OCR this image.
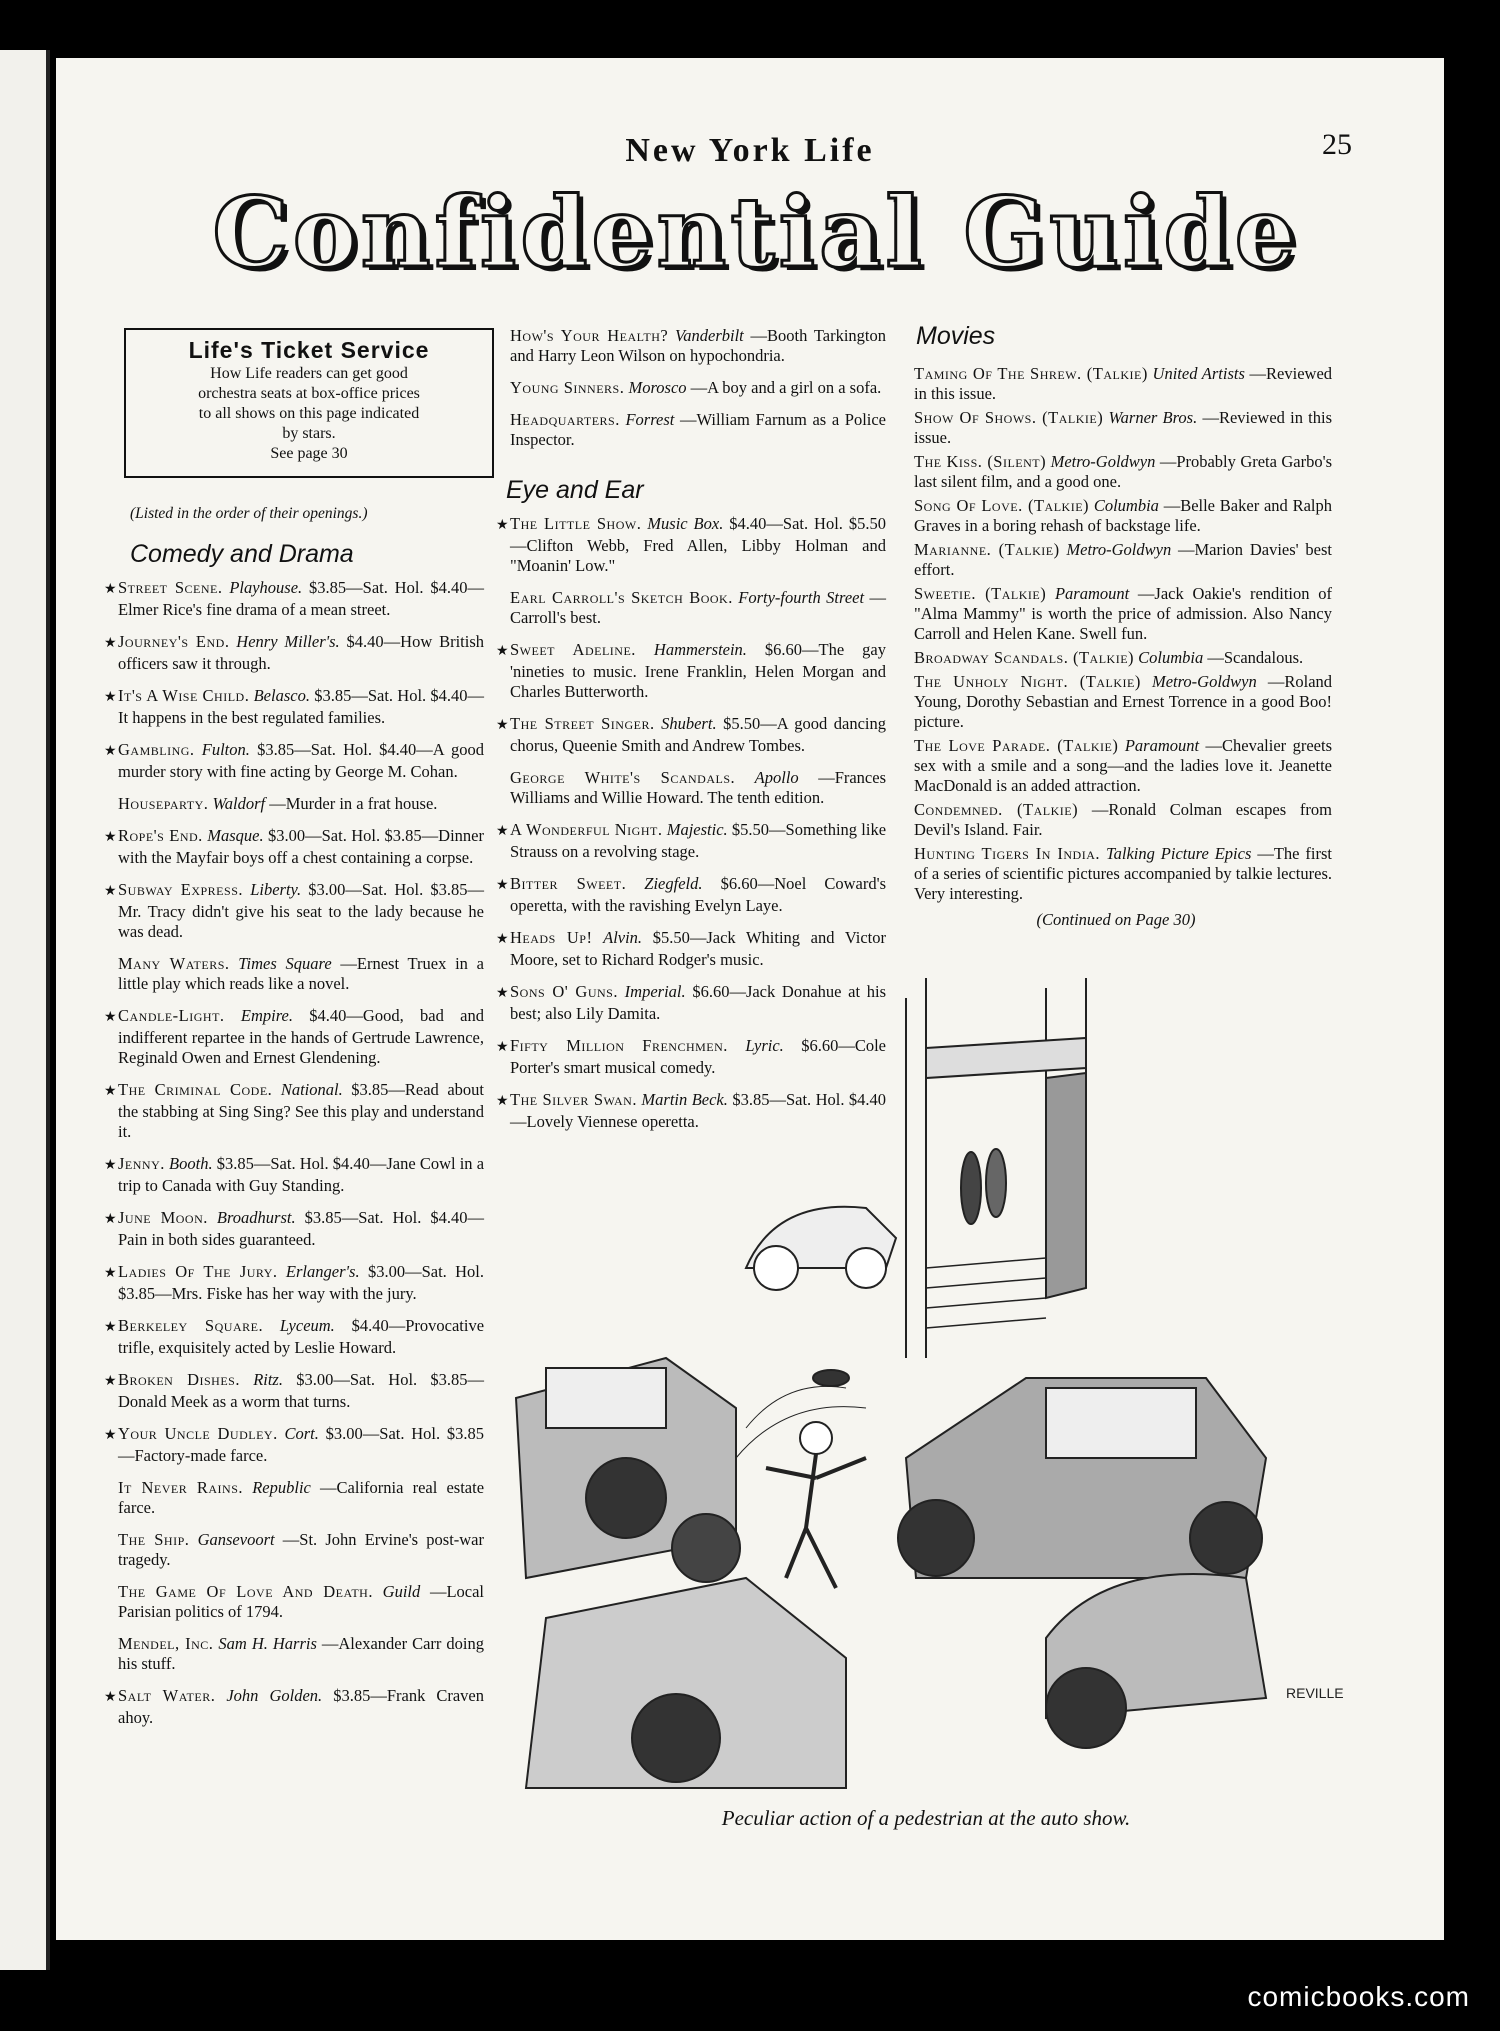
New York Life	25
Confidential Guide
Life's Ticket Service
How Life readers can get good
orchestra seats at box-office prices
to all shows on this page indicated
by stars.
See page 30
(Listed in the order of their openings.)
Comedy and Drama
★Street Scene. Playhouse. $3.85—Sat. Hol. $4.40—Elmer Rice's fine drama of a mean street.
★Journey's End. Henry Miller's. $4.40—How British officers saw it through.
★It's A Wise Child. Belasco. $3.85—Sat. Hol. $4.40—It happens in the best regulated families.
★Gambling. Fulton. $3.85—Sat. Hol. $4.40—A good murder story with fine acting by George M. Cohan.
Houseparty. Waldorf —Murder in a frat house.
★Rope's End. Masque. $3.00—Sat. Hol. $3.85—Dinner with the Mayfair boys off a chest containing a corpse.
★Subway Express. Liberty. $3.00—Sat. Hol. $3.85—Mr. Tracy didn't give his seat to the lady because he was dead.
Many Waters. Times Square —Ernest Truex in a little play which reads like a novel.
★Candle-Light. Empire. $4.40—Good, bad and indifferent repartee in the hands of Gertrude Lawrence, Reginald Owen and Ernest Glendening.
★The Criminal Code. National. $3.85—Read about the stabbing at Sing Sing? See this play and understand it.
★Jenny. Booth. $3.85—Sat. Hol. $4.40—Jane Cowl in a trip to Canada with Guy Standing.
★June Moon. Broadhurst. $3.85—Sat. Hol. $4.40—Pain in both sides guaranteed.
★Ladies Of The Jury. Erlanger's. $3.00—Sat. Hol. $3.85—Mrs. Fiske has her way with the jury.
★Berkeley Square. Lyceum. $4.40—Provocative trifle, exquisitely acted by Leslie Howard.
★Broken Dishes. Ritz. $3.00—Sat. Hol. $3.85—Donald Meek as a worm that turns.
★Your Uncle Dudley. Cort. $3.00—Sat. Hol. $3.85—Factory-made farce.
It Never Rains. Republic —California real estate farce.
The Ship. Gansevoort —St. John Ervine's post-war tragedy.
The Game Of Love And Death. Guild —Local Parisian politics of 1794.
Mendel, Inc. Sam H. Harris —Alexander Carr doing his stuff.
★Salt Water. John Golden. $3.85—Frank Craven ahoy.
How's Your Health? Vanderbilt —Booth Tarkington and Harry Leon Wilson on hypochondria.
Young Sinners. Morosco —A boy and a girl on a sofa.
Headquarters. Forrest —William Farnum as a Police Inspector.
Eye and Ear
★The Little Show. Music Box. $4.40—Sat. Hol. $5.50—Clifton Webb, Fred Allen, Libby Holman and "Moanin' Low."
Earl Carroll's Sketch Book. Forty-fourth Street —Carroll's best.
★Sweet Adeline. Hammerstein. $6.60—The gay 'nineties to music. Irene Franklin, Helen Morgan and Charles Butterworth.
★The Street Singer. Shubert. $5.50—A good dancing chorus, Queenie Smith and Andrew Tombes.
George White's Scandals. Apollo —Frances Williams and Willie Howard. The tenth edition.
★A Wonderful Night. Majestic. $5.50—Something like Strauss on a revolving stage.
★Bitter Sweet. Ziegfeld. $6.60—Noel Coward's operetta, with the ravishing Evelyn Laye.
★Heads Up! Alvin. $5.50—Jack Whiting and Victor Moore, set to Richard Rodger's music.
★Sons O' Guns. Imperial. $6.60—Jack Donahue at his best; also Lily Damita.
★Fifty Million Frenchmen. Lyric. $6.60—Cole Porter's smart musical comedy.
★The Silver Swan. Martin Beck. $3.85—Sat. Hol. $4.40—Lovely Viennese operetta.
Movies
Taming Of The Shrew. (Talkie) United Artists —Reviewed in this issue.
Show Of Shows. (Talkie) Warner Bros. —Reviewed in this issue.
The Kiss. (Silent) Metro-Goldwyn —Probably Greta Garbo's last silent film, and a good one.
Song Of Love. (Talkie) Columbia —Belle Baker and Ralph Graves in a boring rehash of backstage life.
Marianne. (Talkie) Metro-Goldwyn —Marion Davies' best effort.
Sweetie. (Talkie) Paramount —Jack Oakie's rendition of "Alma Mammy" is worth the price of admission. Also Nancy Carroll and Helen Kane. Swell fun.
Broadway Scandals. (Talkie) Columbia —Scandalous.
The Unholy Night. (Talkie) Metro-Goldwyn —Roland Young, Dorothy Sebastian and Ernest Torrence in a good Boo! picture.
The Love Parade. (Talkie) Paramount —Chevalier greets sex with a smile and a song—and the ladies love it. Jeanette MacDonald is an added attraction.
Condemned. (Talkie) —Ronald Colman escapes from Devil's Island. Fair.
Hunting Tigers In India. Talking Picture Epics —The first of a series of scientific pictures accompanied by talkie lectures. Very interesting.
(Continued on Page 30)
REVILLE
Peculiar action of a pedestrian at the auto show.
comicbooks.com
